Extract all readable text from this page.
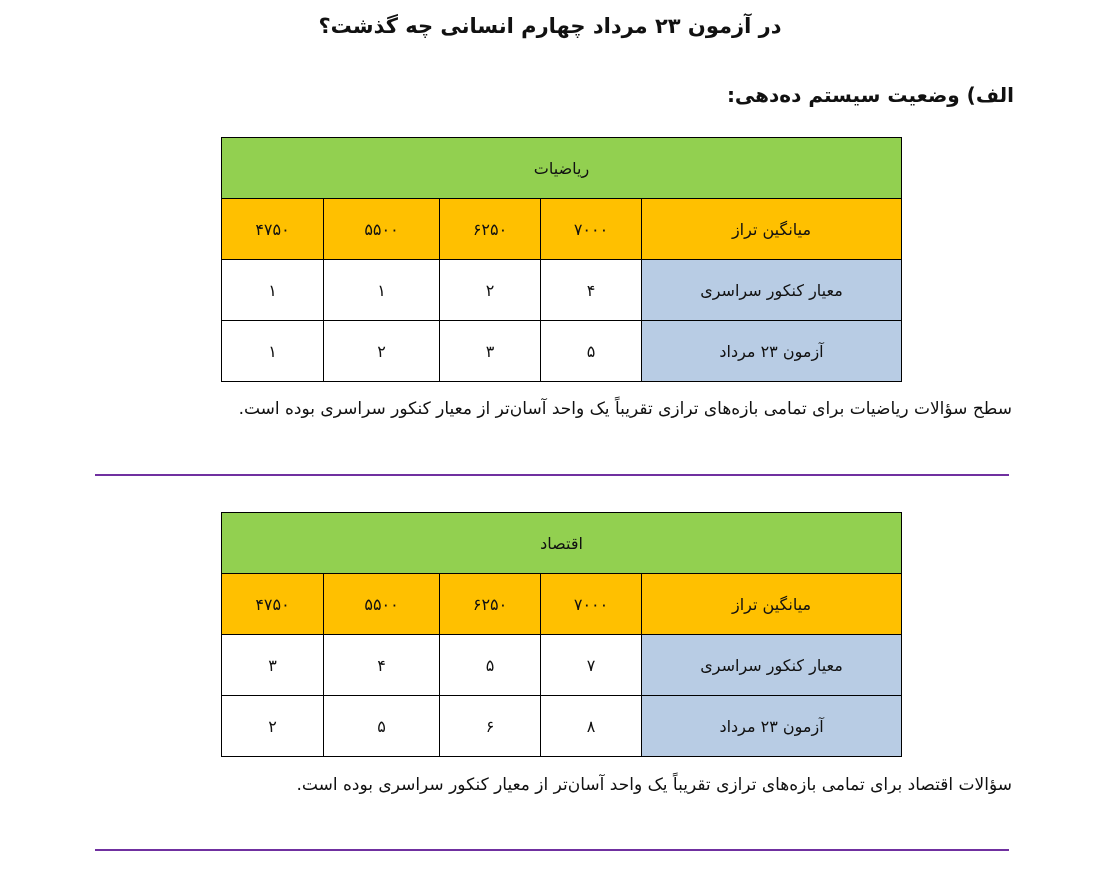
در آزمون ۲۳ مرداد چهارم انسانی چه گذشت؟
الف) وضعیت سیستم ده‌دهی:
ریاضیات				
میانگین تراز	۷۰۰۰	۶۲۵۰	۵۵۰۰	۴۷۵۰
معیار کنکور سراسری	۴	۲	۱	۱
آزمون ۲۳ مرداد	۵	۳	۲	۱
سطح سؤالات ریاضیات برای تمامی بازه‌های ترازی تقریباً یک واحد آسان‌تر از معیار کنکور سراسری بوده است.
اقتصاد				
میانگین تراز	۷۰۰۰	۶۲۵۰	۵۵۰۰	۴۷۵۰
معیار کنکور سراسری	۷	۵	۴	۳
آزمون ۲۳ مرداد	۸	۶	۵	۲
سؤالات اقتصاد برای تمامی بازه‌های ترازی تقریباً یک واحد آسان‌تر از معیار کنکور سراسری بوده است.
